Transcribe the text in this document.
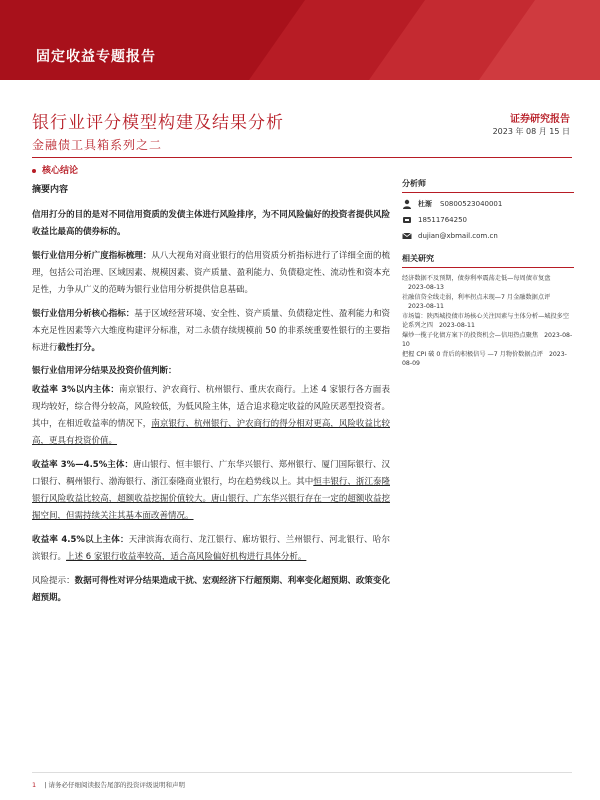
固定收益专题报告
银行业评分模型构建及结果分析
金融债工具箱系列之二
证券研究报告
2023 年 08 月 15 日
核心结论
摘要内容
信用打分的目的是对不同信用资质的发债主体进行风险排序，为不同风险偏好的投资者提供风险收益比最高的债券标的。
银行业信用分析广度指标梳理：从八大视角对商业银行的信用资质分析指标进行了详细全面的梳理，包括公司治理、区域因素、规模因素、资产质量、盈利能力、负债稳定性、流动性和资本充足性，力争从广义的范畴为银行业信用分析提供信息基础。
银行业信用分析核心指标：基于区域经营环境、安全性、资产质量、负债稳定性、盈利能力和资本充足性因素等六大维度构建评分标准，对二永债存续规模前 50 的非系统重要性银行的主要指标进行截性打分。
银行业信用评分结果及投资价值判断：
收益率 3%以内主体：南京银行、沪农商行、杭州银行、重庆农商行。上述 4 家银行各方面表现均较好，综合得分较高，风险较低，为低风险主体，适合追求稳定收益的风险厌恶型投资者。其中，在相近收益率的情况下，南京银行、杭州银行、沪农商行的得分相对更高，风险收益比较高，更具有投资价值。
收益率 3%—4.5%主体：唐山银行、恒丰银行、广东华兴银行、郑州银行、厦门国际银行、汉口银行、稠州银行、渤海银行、浙江泰隆商业银行，均在趋势线以上。其中恒丰银行、浙江泰隆银行风险收益比较高，超额收益挖掘价值较大。唐山银行、广东华兴银行存在一定的超额收益挖掘空间，但需持续关注其基本面改善情况。
收益率 4.5%以上主体：天津滨海农商行、龙江银行、廊坊银行、兰州银行、河北银行、哈尔滨银行。上述 6 家银行收益率较高，适合高风险偏好机构进行具体分析。
风险提示：数据可得性对评分结果造成干扰、宏观经济下行超预期、利率变化超预期、政策变化超预期。
分析师
杜渐 S0800523040001
18511764250
dujian@xbmail.com.cn
相关研究
经济数据不及预期，债券利率震荡走低—每周债市复盘2023-08-13
社融信贷全线走弱，利率拐点未现—7 月金融数据点评2023-08-11
市场篇：陕西城投债市场核心关注因素与主体分析—城投多空论系列之四 2023-08-11
爆炒一揽子化债方案下的投资机会—信用热点聚焦 2023-08-10
把握 CPI 破 0 背后的积极信号 —7 月物价数据点评 2023-08-09
1 | 请务必仔细阅读报告尾部的投资评级说明和声明
